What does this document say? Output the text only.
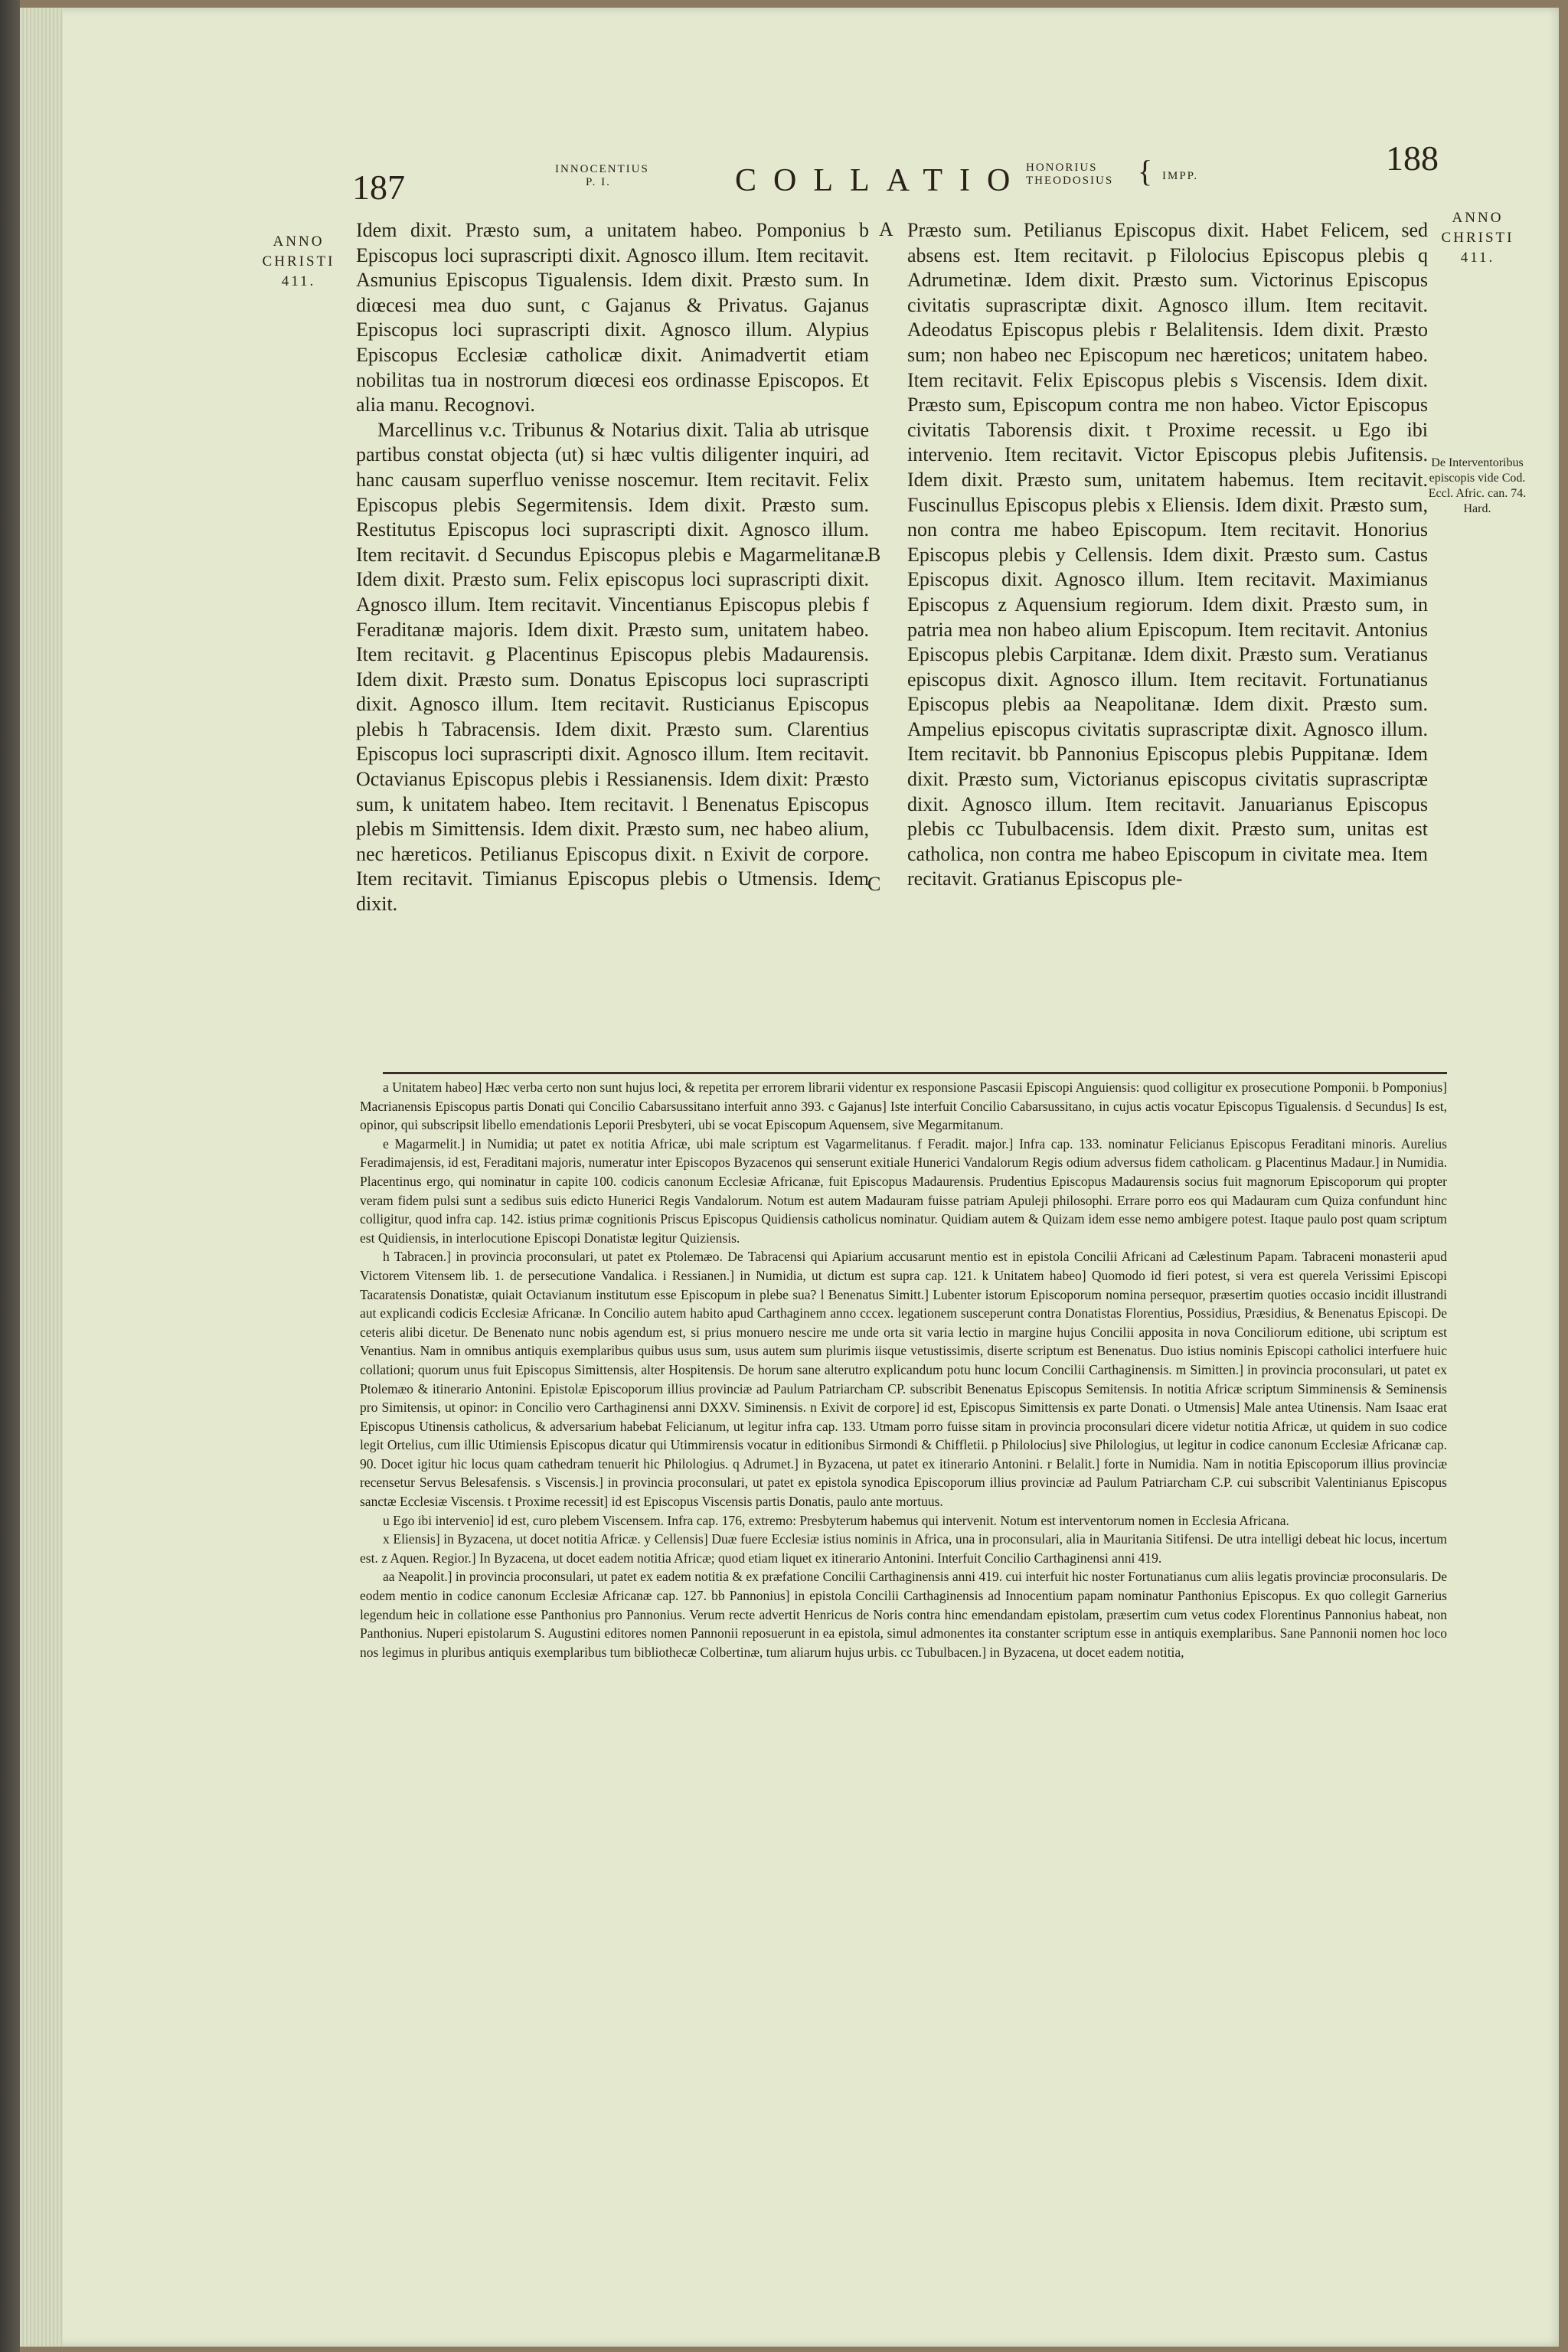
187	INNOCENTIUS
P. I.	COLLATIO
HONORIUS
THEODOSIUS { IMPP.	188
ANNO
CHRISTI
411.
ANNO
CHRISTI
411.
De Interventoribus episcopis vide Cod. Eccl. Afric. can. 74. Hard.
A
B
C

Idem dixit. Præsto sum, a unitatem habeo. Pomponius b Episcopus loci suprascripti dixit. Agnosco illum. Item recitavit. Asmunius Episcopus Tigualensis. Idem dixit. Præsto sum. In diœcesi mea duo sunt, c Gajanus & Privatus. Gajanus Episcopus loci suprascripti dixit. Agnosco illum. Alypius Episcopus Ecclesiæ catholicæ dixit. Animadvertit etiam nobilitas tua in nostrorum diœcesi eos ordinasse Episcopos. Et alia manu. Recognovi.

Marcellinus v.c. Tribunus & Notarius dixit. Talia ab utrisque partibus constat objecta (ut) si hæc vultis diligenter inquiri, ad hanc causam superfluo venisse noscemur. Item recitavit. Felix Episcopus plebis Segermitensis. Idem dixit. Præsto sum. Restitutus Episcopus loci suprascripti dixit. Agnosco illum. Item recitavit. d Secundus Episcopus plebis e Magarmelitanæ. Idem dixit. Præsto sum. Felix episcopus loci suprascripti dixit. Agnosco illum. Item recitavit. Vincentianus Episcopus plebis f Feraditanæ majoris. Idem dixit. Præsto sum, unitatem habeo. Item recitavit. g Placentinus Episcopus plebis Madaurensis. Idem dixit. Præsto sum. Donatus Episcopus loci suprascripti dixit. Agnosco illum. Item recitavit. Rusticianus Episcopus plebis h Tabracensis. Idem dixit. Præsto sum. Clarentius Episcopus loci suprascripti dixit. Agnosco illum. Item recitavit. Octavianus Episcopus plebis i Ressianensis. Idem dixit: Præsto sum, k unitatem habeo. Item recitavit. l Benenatus Episcopus plebis m Simittensis. Idem dixit. Præsto sum, nec habeo alium, nec hæreticos. Petilianus Episcopus dixit. n Exivit de corpore. Item recitavit. Timianus Episcopus plebis o Utmensis. Idem dixit.

Præsto sum. Petilianus Episcopus dixit. Habet Felicem, sed absens est. Item recitavit. p Filolocius Episcopus plebis q Adrumetinæ. Idem dixit. Præsto sum. Victorinus Episcopus civitatis suprascriptæ dixit. Agnosco illum. Item recitavit. Adeodatus Episcopus plebis r Belalitensis. Idem dixit. Præsto sum; non habeo nec Episcopum nec hæreticos; unitatem habeo. Item recitavit. Felix Episcopus plebis s Viscensis. Idem dixit. Præsto sum, Episcopum contra me non habeo. Victor Episcopus civitatis Taborensis dixit. t Proxime recessit. u Ego ibi intervenio. Item recitavit. Victor Episcopus plebis Jufitensis. Idem dixit. Præsto sum, unitatem habemus. Item recitavit. Fuscinullus Episcopus plebis x Eliensis. Idem dixit. Præsto sum, non contra me habeo Episcopum. Item recitavit. Honorius Episcopus plebis y Cellensis. Idem dixit. Præsto sum. Castus Episcopus dixit. Agnosco illum. Item recitavit. Maximianus Episcopus z Aquensium regiorum. Idem dixit. Præsto sum, in patria mea non habeo alium Episcopum. Item recitavit. Antonius Episcopus plebis Carpitanæ. Idem dixit. Præsto sum. Veratianus episcopus dixit. Agnosco illum. Item recitavit. Fortunatianus Episcopus plebis aa Neapolitanæ. Idem dixit. Præsto sum. Ampelius episcopus civitatis suprascriptæ dixit. Agnosco illum. Item recitavit. bb Pannonius Episcopus plebis Puppitanæ. Idem dixit. Præsto sum, Victorianus episcopus civitatis suprascriptæ dixit. Agnosco illum. Item recitavit. Januarianus Episcopus plebis cc Tubulbacensis. Idem dixit. Præsto sum, unitas est catholica, non contra me habeo Episcopum in civitate mea. Item recitavit. Gratianus Episcopus ple-

a Unitatem habeo] Hæc verba certo non sunt hujus loci, & repetita per errorem librarii videntur ex responsione Pascasii Episcopi Anguiensis: quod colligitur ex prosecutione Pomponii. b Pomponius] Macrianensis Episcopus partis Donati qui Concilio Cabarsussitano interfuit anno 393. c Gajanus] Iste interfuit Concilio Cabarsussitano, in cujus actis vocatur Episcopus Tigualensis. d Secundus] Is est, opinor, qui subscripsit libello emendationis Leporii Presbyteri, ubi se vocat Episcopum Aquensem, sive Megarmitanum.

e Magarmelit.] in Numidia; ut patet ex notitia Africæ, ubi male scriptum est Vagarmelitanus. f Feradit. major.] Infra cap. 133. nominatur Felicianus Episcopus Feraditani minoris. Aurelius Feradimajensis, id est, Feraditani majoris, numeratur inter Episcopos Byzacenos qui senserunt exitiale Hunerici Vandalorum Regis odium adversus fidem catholicam. g Placentinus Madaur.] in Numidia. Placentinus ergo, qui nominatur in capite 100. codicis canonum Ecclesiæ Africanæ, fuit Episcopus Madaurensis. Prudentius Episcopus Madaurensis socius fuit magnorum Episcoporum qui propter veram fidem pulsi sunt a sedibus suis edicto Hunerici Regis Vandalorum. Notum est autem Madauram fuisse patriam Apuleji philosophi. Errare porro eos qui Madauram cum Quiza confundunt hinc colligitur, quod infra cap. 142. istius primæ cognitionis Priscus Episcopus Quidiensis catholicus nominatur. Quidiam autem & Quizam idem esse nemo ambigere potest. Itaque paulo post quam scriptum est Quidiensis, in interlocutione Episcopi Donatistæ legitur Quiziensis.

h Tabracen.] in provincia proconsulari, ut patet ex Ptolemæo. De Tabracensi qui Apiarium accusarunt mentio est in epistola Concilii Africani ad Cælestinum Papam. Tabraceni monasterii apud Victorem Vitensem lib. 1. de persecutione Vandalica. i Ressianen.] in Numidia, ut dictum est supra cap. 121. k Unitatem habeo] Quomodo id fieri potest, si vera est querela Verissimi Episcopi Tacaratensis Donatistæ, quiait Octavianum institutum esse Episcopum in plebe sua? l Benenatus Simitt.] Lubenter istorum Episcoporum nomina persequor, præsertim quoties occasio incidit illustrandi aut explicandi codicis Ecclesiæ Africanæ. In Concilio autem habito apud Carthaginem anno cccex. legationem susceperunt contra Donatistas Florentius, Possidius, Præsidius, & Benenatus Episcopi. De ceteris alibi dicetur. De Benenato nunc nobis agendum est, si prius monuero nescire me unde orta sit varia lectio in margine hujus Concilii apposita in nova Conciliorum editione, ubi scriptum est Venantius. Nam in omnibus antiquis exemplaribus quibus usus sum, usus autem sum plurimis iisque vetustissimis, diserte scriptum est Benenatus. Duo istius nominis Episcopi catholici interfuere huic collationi; quorum unus fuit Episcopus Simittensis, alter Hospitensis. De horum sane alterutro explicandum potu hunc locum Concilii Carthaginensis. m Simitten.] in provincia proconsulari, ut patet ex Ptolemæo & itinerario Antonini. Epistolæ Episcoporum illius provinciæ ad Paulum Patriarcham CP. subscribit Benenatus Episcopus Semitensis. In notitia Africæ scriptum Simminensis & Seminensis pro Simitensis, ut opinor: in Concilio vero Carthaginensi anni DXXV. Siminensis. n Exivit de corpore] id est, Episcopus Simittensis ex parte Donati. o Utmensis] Male antea Utinensis. Nam Isaac erat Episcopus Utinensis catholicus, & adversarium habebat Felicianum, ut legitur infra cap. 133. Utmam porro fuisse sitam in provincia proconsulari dicere videtur notitia Africæ, ut quidem in suo codice legit Ortelius, cum illic Utimiensis Episcopus dicatur qui Utimmirensis vocatur in editionibus Sirmondi & Chiffletii. p Philolocius] sive Philologius, ut legitur in codice canonum Ecclesiæ Africanæ cap. 90. Docet igitur hic locus quam cathedram tenuerit hic Philologius. q Adrumet.] in Byzacena, ut patet ex itinerario Antonini. r Belalit.] forte in Numidia. Nam in notitia Episcoporum illius provinciæ recensetur Servus Belesafensis. s Viscensis.] in provincia proconsulari, ut patet ex epistola synodica Episcoporum illius provinciæ ad Paulum Patriarcham C.P. cui subscribit Valentinianus Episcopus sanctæ Ecclesiæ Viscensis. t Proxime recessit] id est Episcopus Viscensis partis Donatis, paulo ante mortuus.

u Ego ibi intervenio] id est, curo plebem Viscensem. Infra cap. 176, extremo: Presbyterum habemus qui intervenit. Notum est interventorum nomen in Ecclesia Africana.

x Eliensis] in Byzacena, ut docet notitia Africæ. y Cellensis] Duæ fuere Ecclesiæ istius nominis in Africa, una in proconsulari, alia in Mauritania Sitifensi. De utra intelligi debeat hic locus, incertum est. z Aquen. Regior.] In Byzacena, ut docet eadem notitia Africæ; quod etiam liquet ex itinerario Antonini. Interfuit Concilio Carthaginensi anni 419.

aa Neapolit.] in provincia proconsulari, ut patet ex eadem notitia & ex præfatione Concilii Carthaginensis anni 419. cui interfuit hic noster Fortunatianus cum aliis legatis provinciæ proconsularis. De eodem mentio in codice canonum Ecclesiæ Africanæ cap. 127. bb Pannonius] in epistola Concilii Carthaginensis ad Innocentium papam nominatur Panthonius Episcopus. Ex quo collegit Garnerius legendum heic in collatione esse Panthonius pro Pannonius. Verum recte advertit Henricus de Noris contra hinc emendandam epistolam, præsertim cum vetus codex Florentinus Pannonius habeat, non Panthonius. Nuperi epistolarum S. Augustini editores nomen Pannonii reposuerunt in ea epistola, simul admonentes ita constanter scriptum esse in antiquis exemplaribus. Sane Pannonii nomen hoc loco nos legimus in pluribus antiquis exemplaribus tum bibliothecæ Colbertinæ, tum aliarum hujus urbis. cc Tubulbacen.] in Byzacena, ut docet eadem notitia,
